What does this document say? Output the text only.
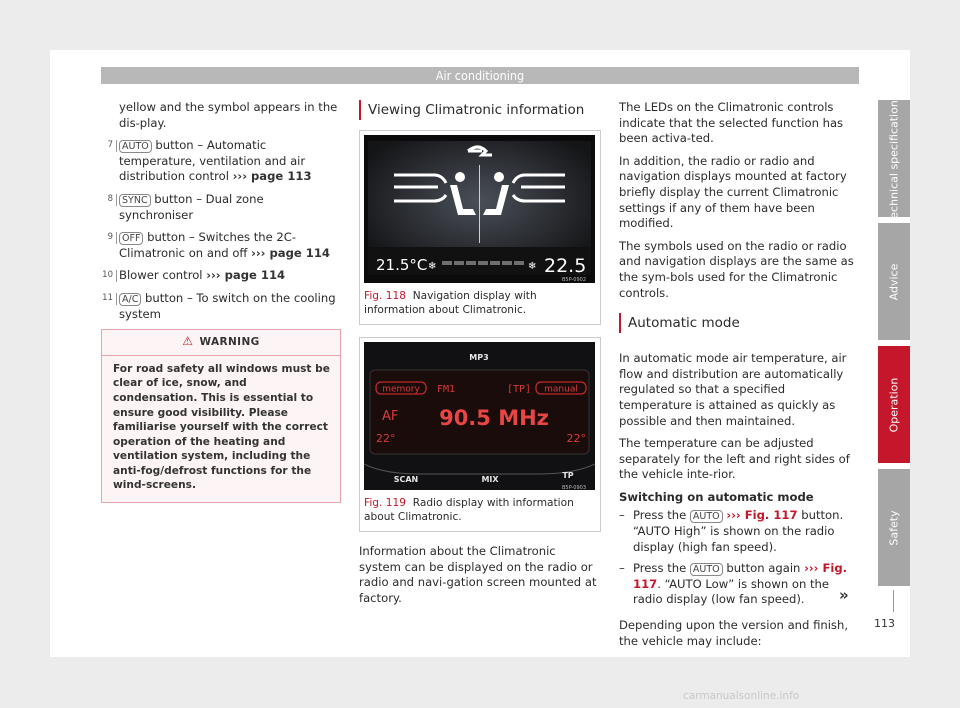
Air conditioning
yellow and the symbol appears in the dis-play.
7 AUTO button – Automatic temperature, ventilation and air distribution control ››› page 113
8 SYNC button – Dual zone synchroniser
9 OFF button – Switches the 2C-Climatronic on and off ››› page 114
10 Blower control ››› page 114
11 A/C button – To switch on the cooling system
⚠ WARNING
For road safety all windows must be clear of ice, snow, and condensation. This is essential to ensure good visibility. Please familiarise yourself with the correct operation of the heating and ventilation system, including the anti-fog/defrost functions for the wind-screens.
Viewing Climatronic information
21.5°C ❄	❄ 22.5
B5P-0902
Fig. 118 Navigation display with information about Climatronic.
MP3
memory FM1	[TP] manual
AF 90.5 MHz
22°	22°
SCAN	MIX	TP
B5P-0903
Fig. 119 Radio display with information about Climatronic.
Information about the Climatronic system can be displayed on the radio or radio and navi-gation screen mounted at factory.
The LEDs on the Climatronic controls indicate that the selected function has been activa-ted.
In addition, the radio or radio and navigation displays mounted at factory briefly display the current Climatronic settings if any of them have been modified.
The symbols used on the radio or radio and navigation displays are the same as the sym-bols used for the Climatronic controls.
Automatic mode
In automatic mode air temperature, air flow and distribution are automatically regulated so that a specified temperature is attained as quickly as possible and then maintained.
The temperature can be adjusted separately for the left and right sides of the vehicle inte-rior.
Switching on automatic mode
– Press the AUTO ››› Fig. 117 button. “AUTO High” is shown on the radio display (high fan speed).
– Press the AUTO button again ››› Fig. 117. “AUTO Low” is shown on the radio display (low fan speed).
Depending upon the version and finish, the vehicle may include:
»
Technical specifications
Advice
Operation
Safety
113
carmanualsonline.info
